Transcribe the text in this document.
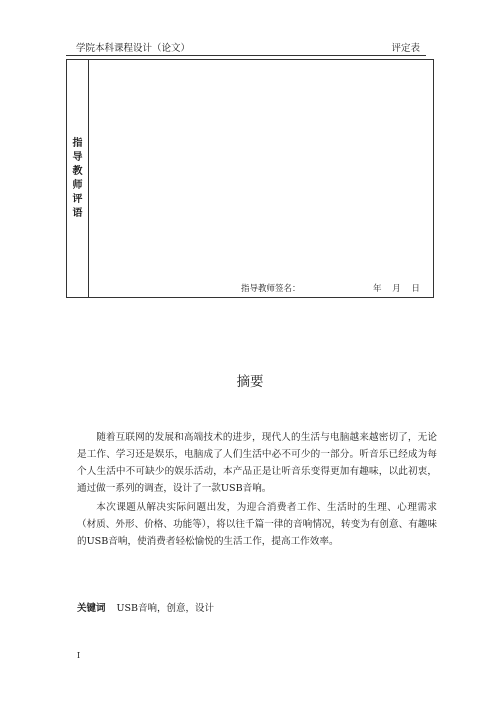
学院本科课程设计（论文）	评定表
指导教师评语
指导教师签名：	年 月 日
摘要

随着互联网的发展和高端技术的进步，现代人的生活与电脑越来越密切了，无论是工作、学习还是娱乐，电脑成了人们生活中必不可少的一部分。听音乐已经成为每个人生活中不可缺少的娱乐活动，本产品正是让听音乐变得更加有趣味，以此初衷，通过做一系列的调查，设计了一款USB音响。

本次课题从解决实际问题出发，为迎合消费者工作、生活时的生理、心理需求（材质、外形、价格、功能等），将以往千篇一律的音响情况，转变为有创意、有趣味的USB音响，使消费者轻松愉悦的生活工作，提高工作效率。

关键词 USB音响，创意，设计
I
